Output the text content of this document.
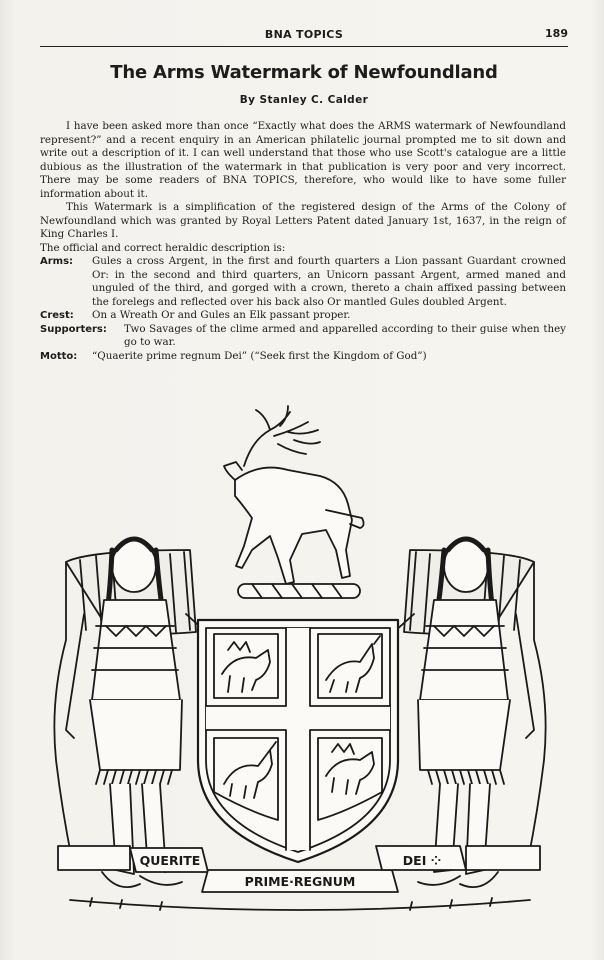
BNA TOPICS	189
The Arms Watermark of Newfoundland
By Stanley C. Calder

I have been asked more than once “Exactly what does the ARMS watermark of Newfoundland represent?” and a recent enquiry in an American philatelic journal prompted me to sit down and write out a description of it. I can well understand that those who use Scott's catalogue are a little dubious as the illustration of the watermark in that publication is very poor and very incorrect. There may be some readers of BNA TOPICS, therefore, who would like to have some fuller information about it.

This Watermark is a simplification of the registered design of the Arms of the Colony of Newfoundland which was granted by Royal Letters Patent dated January 1st, 1637, in the reign of King Charles I.

The official and correct heraldic description is:

Arms:	Gules a cross Argent, in the first and fourth quarters a Lion passant Guardant crowned Or: in the second and third quarters, an Unicorn passant Argent, armed maned and unguled of the third, and gorged with a crown, thereto a chain affixed passing between the forelegs and reflected over his back also Or mantled Gules doubled Argent.
Crest:	On a Wreath Or and Gules an Elk passant proper.
Supporters:	Two Savages of the clime armed and apparelled according to their guise when they go to war.
Motto:	“Quaerite prime regnum Dei” (“Seek first the Kingdom of God”)
QUERITE
PRIME·REGNUM
DEI ⁘
